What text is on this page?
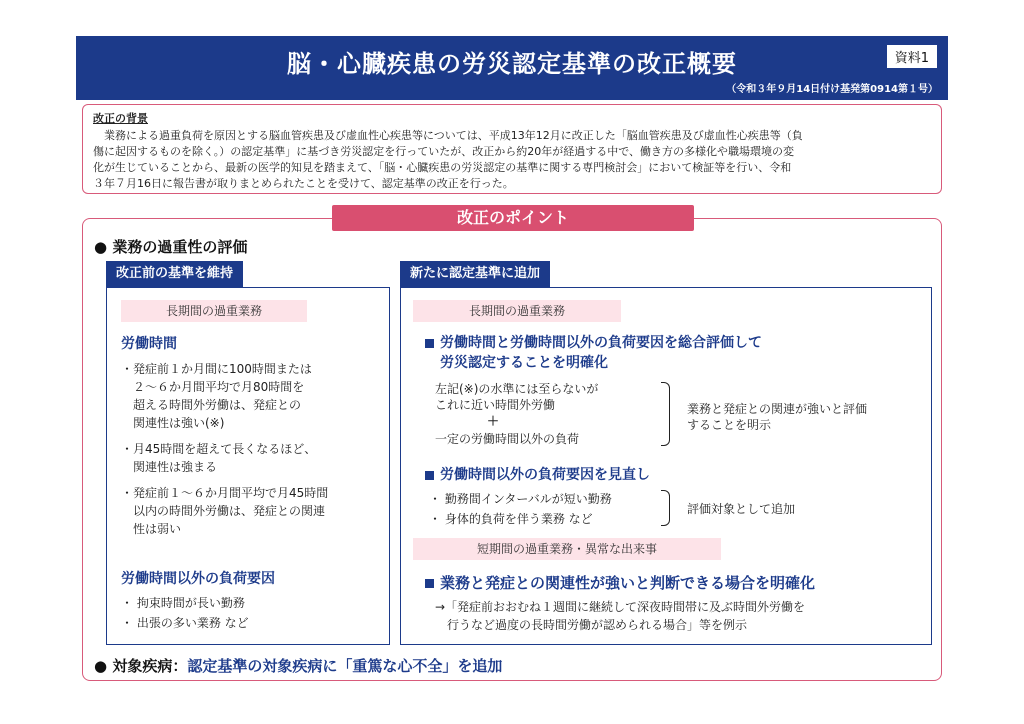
脳・心臓疾患の労災認定基準の改正概要	資料1
（令和３年９月14日付け基発第0914第１号）
改正の背景
　業務による過重負荷を原因とする脳血管疾患及び虚血性心疾患等については、平成13年12月に改正した「脳血管疾患及び虚血性心疾患等（負
傷に起因するものを除く。）の認定基準」に基づき労災認定を行っていたが、改正から約20年が経過する中で、働き方の多様化や職場環境の変
化が生じていることから、最新の医学的知見を踏まえて、「脳・心臓疾患の労災認定の基準に関する専門検討会」において検証等を行い、令和
３年７月16日に報告書が取りまとめられたことを受けて、認定基準の改正を行った。
改正のポイント
● 業務の過重性の評価
改正前の基準を維持
長期間の過重業務
労働時間
・発症前１か月間に100時間または
　２～６か月間平均で月80時間を
　超える時間外労働は、発症との
　関連性は強い(※)
・月45時間を超えて長くなるほど、
　関連性は強まる
・発症前１～６か月間平均で月45時間
　以内の時間外労働は、発症との関連
　性は弱い
労働時間以外の負荷要因
・ 拘束時間が長い勤務
・ 出張の多い業務 など
新たに認定基準に追加
長期間の過重業務
労働時間と労働時間以外の負荷要因を総合評価して
労災認定することを明確化
左記(※)の水準には至らないが
これに近い時間外労働
＋
一定の労働時間以外の負荷
業務と発症との関連が強いと評価
することを明示
労働時間以外の負荷要因を見直し
・ 勤務間インターバルが短い勤務
・ 身体的負荷を伴う業務 など
評価対象として追加
短期間の過重業務・異常な出来事
業務と発症との関連性が強いと判断できる場合を明確化
→「発症前おおむね１週間に継続して深夜時間帯に及ぶ時間外労働を
　行うなど過度の長時間労働が認められる場合」等を例示
● 対象疾病：認定基準の対象疾病に「重篤な心不全」を追加
